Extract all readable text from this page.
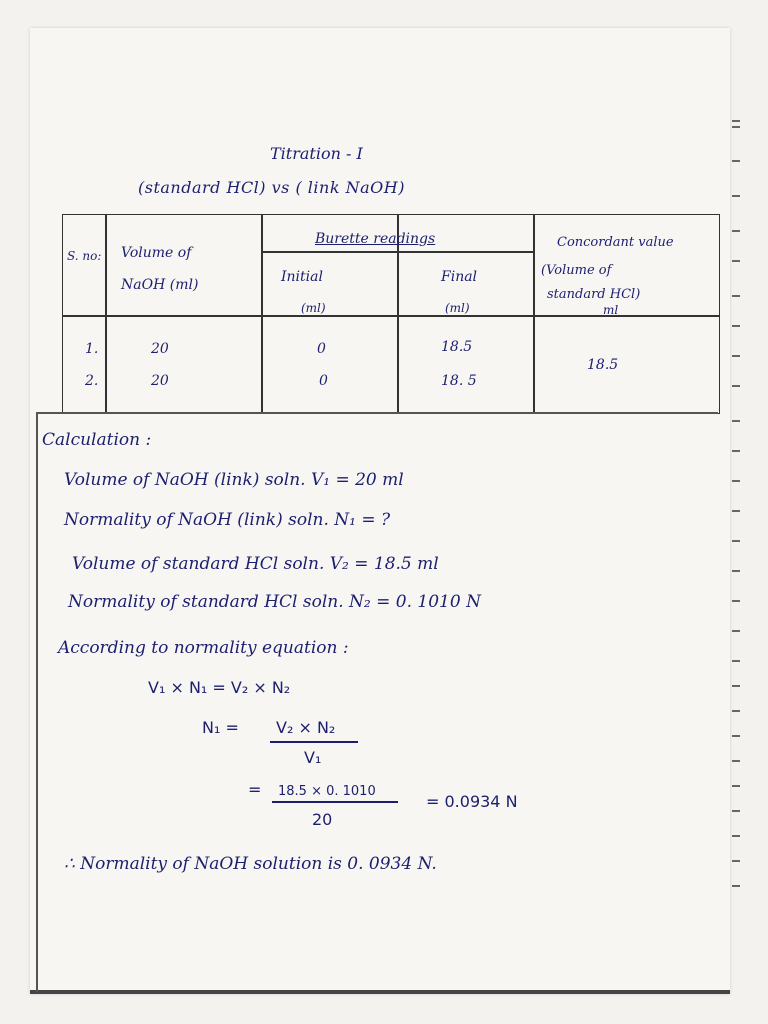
Titration - I
(standard HCl) vs ( link NaOH)
S. no: Volume of
NaOH (ml)
Burette readings
Initial
(ml)
Final
(ml)
Concordant value
(Volume of
standard HCl)
ml
1.	20	0	18.5
2.	20	0	18. 5
18.5
Calculation :
Volume of NaOH (link) soln. V₁ = 20 ml
Normality of NaOH (link) soln. N₁ = ?
Volume of standard HCl soln. V₂ = 18.5 ml
Normality of standard HCl soln. N₂ = 0. 1010 N
According to normality equation :
V₁ × N₁ = V₂ × N₂
N₁ = V₂ × N₂
V₁
= 18.5 × 0. 1010
20
= 0.0934 N
∴ Normality of NaOH solution is 0. 0934 N.
